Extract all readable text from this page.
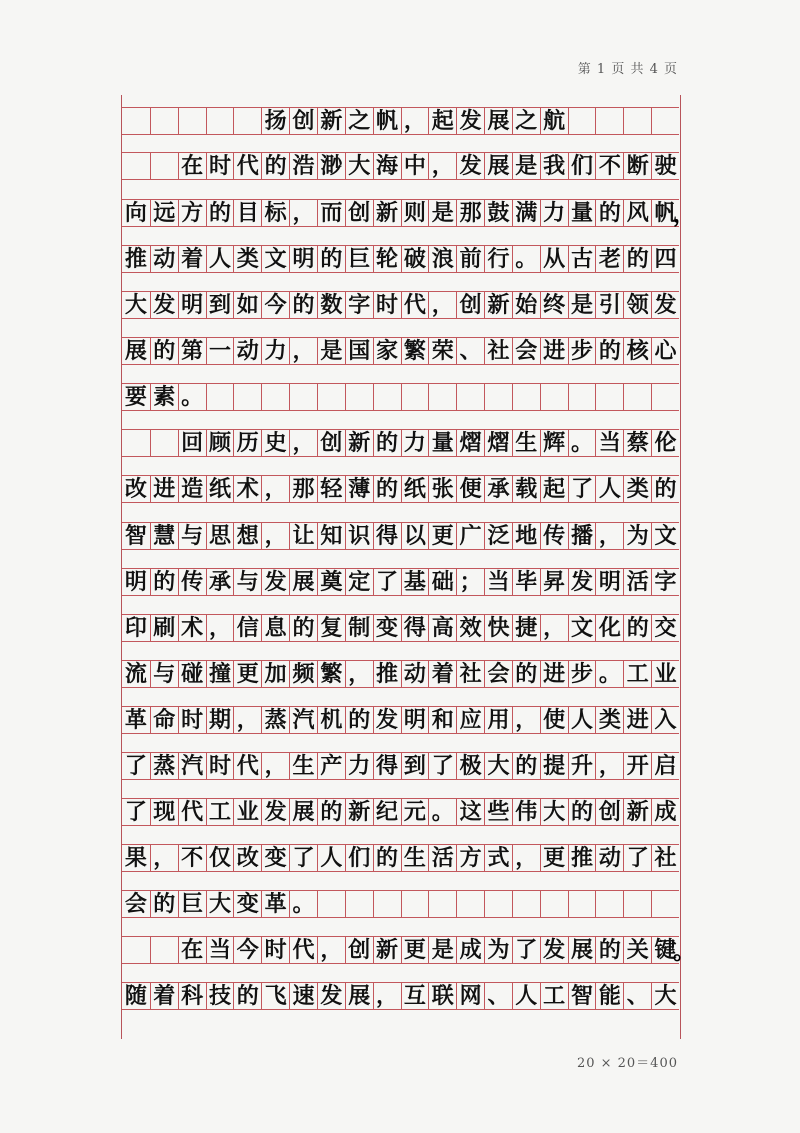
第 1 页 共 4 页
扬 创 新 之 帆 ， 起 发 展 之 航
在 时 代 的 浩 渺 大 海 中 ， 发 展 是 我 们 不 断 驶
向 远 方 的 目 标 ， 而 创 新 则 是 那 鼓 满 力 量 的 风 帆
，
推 动 着 人 类 文 明 的 巨 轮 破 浪 前 行 。 从 古 老 的 四
大 发 明 到 如 今 的 数 字 时 代 ， 创 新 始 终 是 引 领 发
展 的 第 一 动 力 ， 是 国 家 繁 荣 、 社 会 进 步 的 核 心
要 素 。
回 顾 历 史 ， 创 新 的 力 量 熠 熠 生 辉 。 当 蔡 伦
改 进 造 纸 术 ， 那 轻 薄 的 纸 张 便 承 载 起 了 人 类 的
智 慧 与 思 想 ， 让 知 识 得 以 更 广 泛 地 传 播 ， 为 文
明 的 传 承 与 发 展 奠 定 了 基 础 ； 当 毕 昇 发 明 活 字
印 刷 术 ， 信 息 的 复 制 变 得 高 效 快 捷 ， 文 化 的 交
流 与 碰 撞 更 加 频 繁 ， 推 动 着 社 会 的 进 步 。 工 业
革 命 时 期 ， 蒸 汽 机 的 发 明 和 应 用 ， 使 人 类 进 入
了 蒸 汽 时 代 ， 生 产 力 得 到 了 极 大 的 提 升 ， 开 启
了 现 代 工 业 发 展 的 新 纪 元 。 这 些 伟 大 的 创 新 成
果 ， 不 仅 改 变 了 人 们 的 生 活 方 式 ， 更 推 动 了 社
会 的 巨 大 变 革 。
在 当 今 时 代 ， 创 新 更 是 成 为 了 发 展 的 关 键
。
随 着 科 技 的 飞 速 发 展 ， 互 联 网 、 人 工 智 能 、 大
20 × 20＝400
